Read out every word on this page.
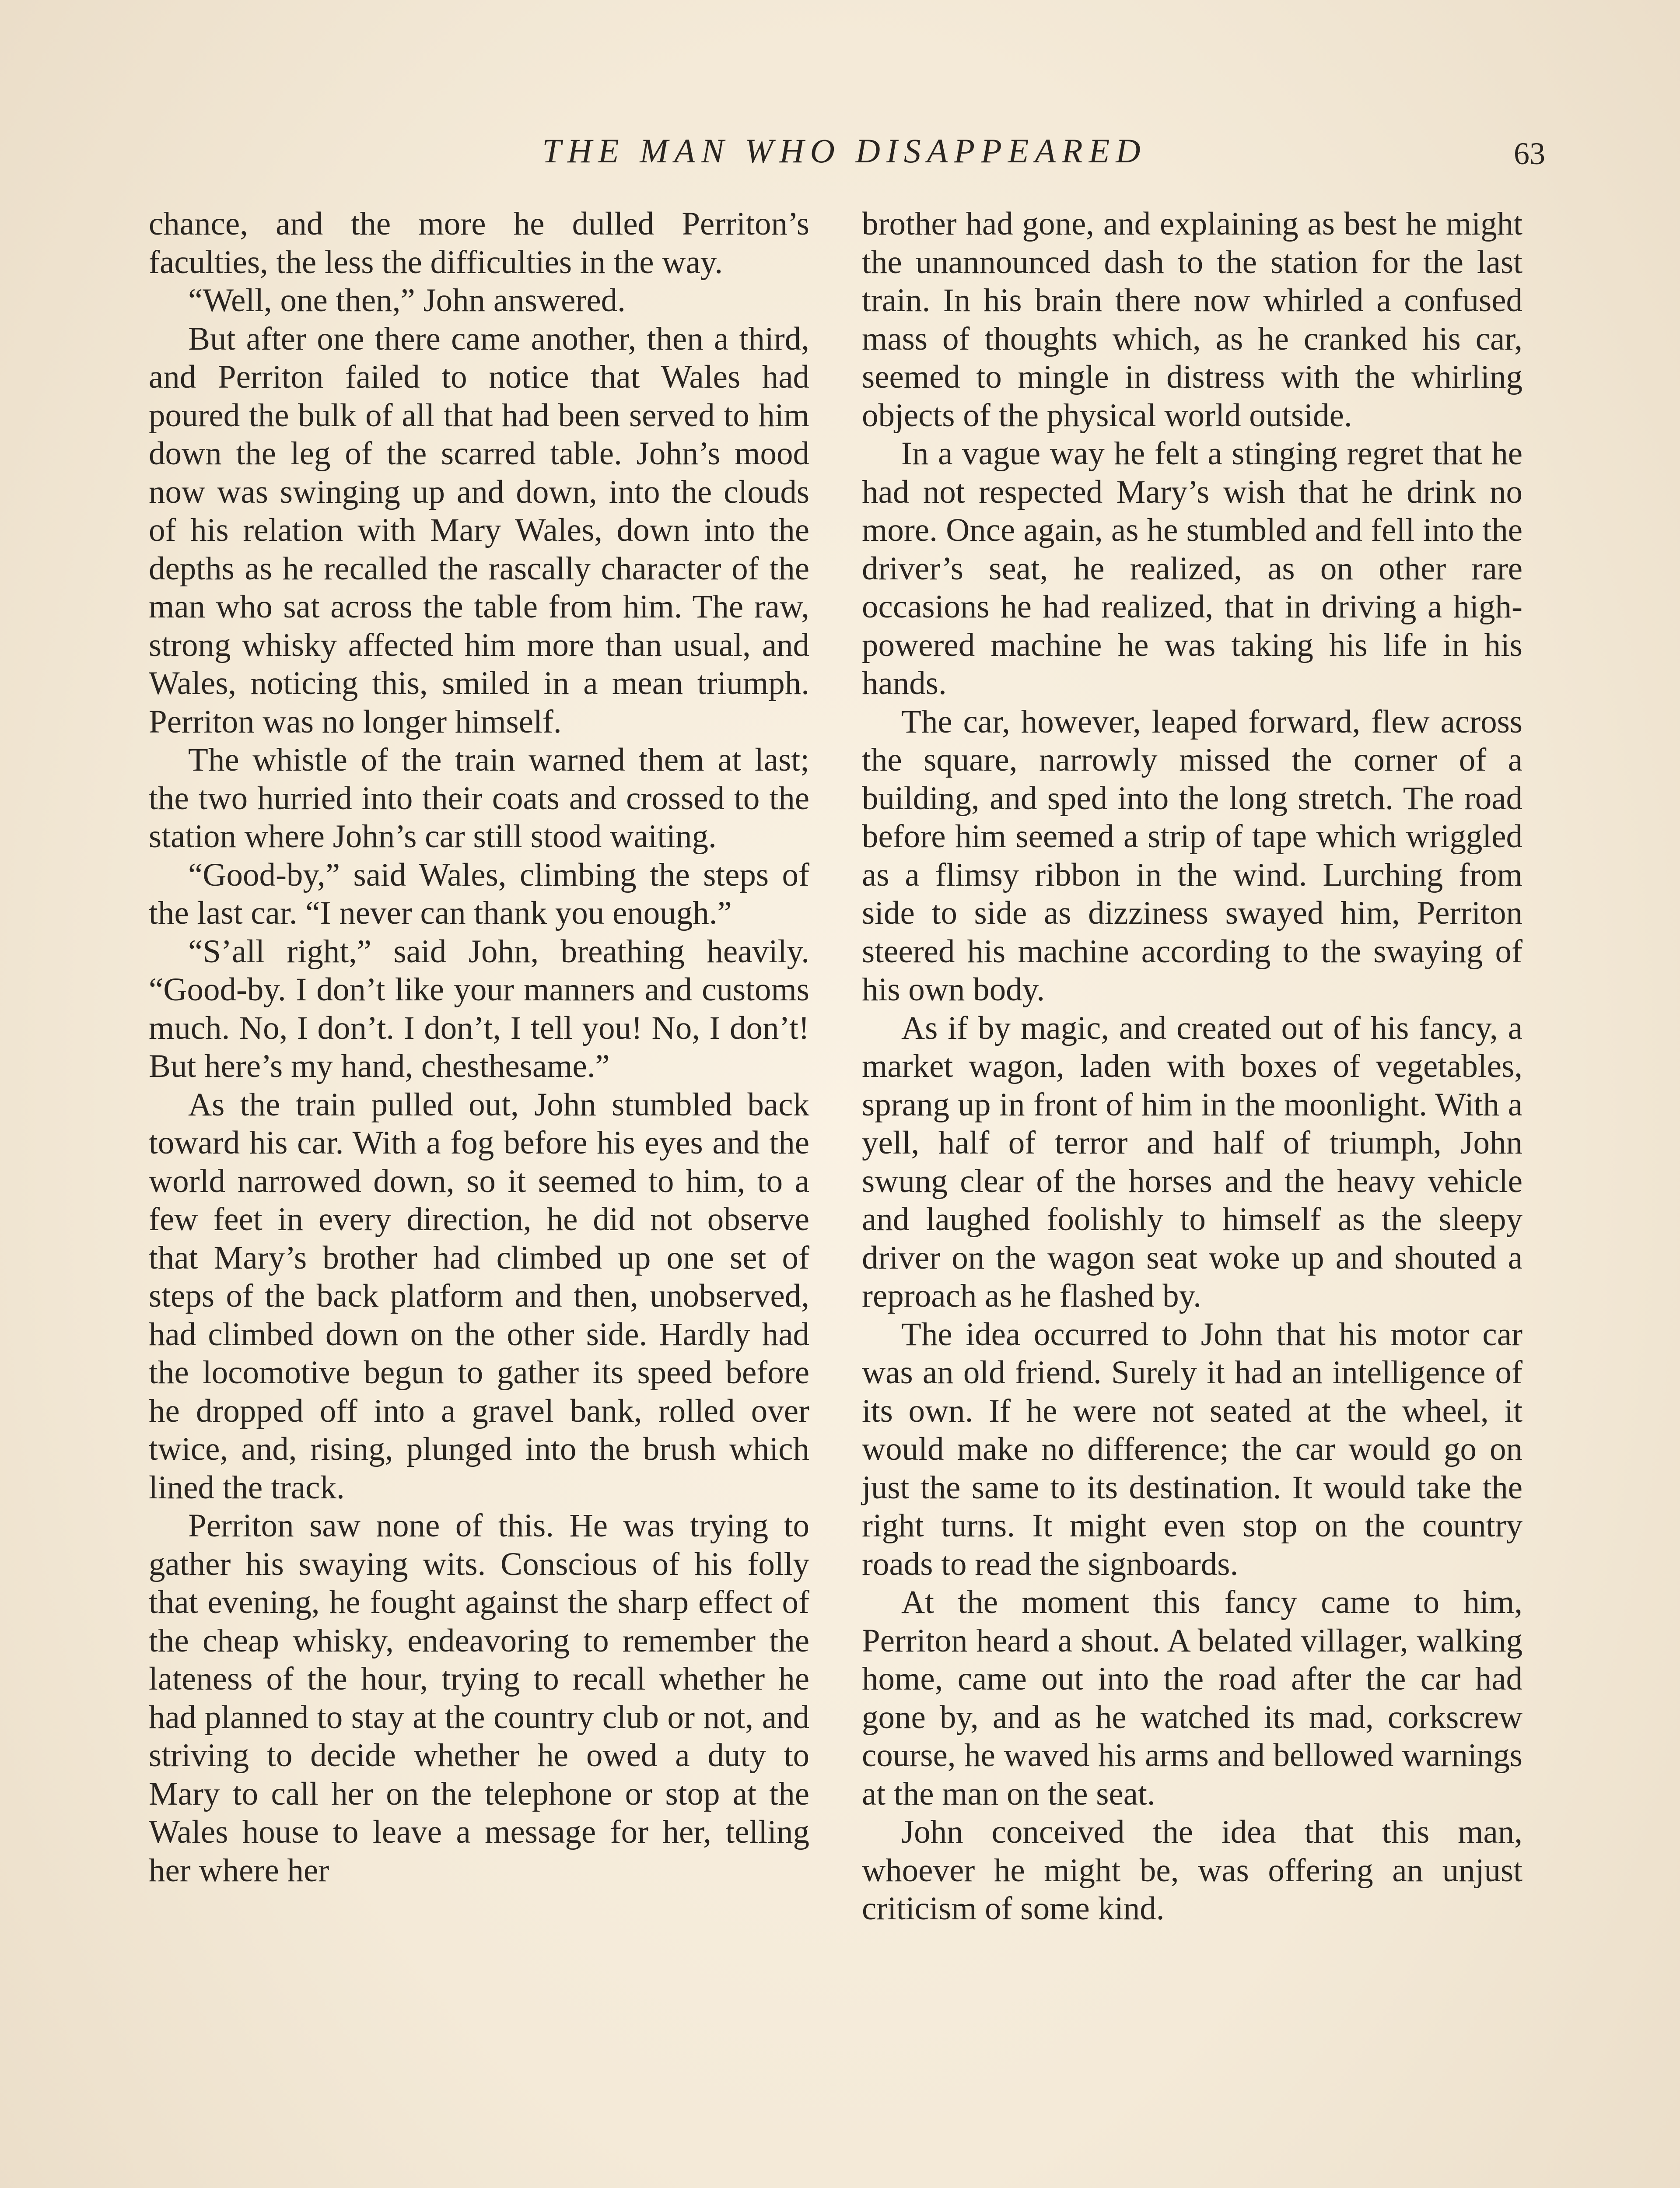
THE MAN WHO DISAPPEARED	63

chance, and the more he dulled Perriton’s faculties, the less the difficulties in the way.

“Well, one then,” John answered.

But after one there came another, then a third, and Perriton failed to notice that Wales had poured the bulk of all that had been served to him down the leg of the scarred table. John’s mood now was swinging up and down, into the clouds of his relation with Mary Wales, down into the depths as he recalled the rascally character of the man who sat across the table from him. The raw, strong whisky affected him more than usual, and Wales, noticing this, smiled in a mean triumph. Perriton was no longer himself.

The whistle of the train warned them at last; the two hurried into their coats and crossed to the station where John’s car still stood waiting.

“Good-by,” said Wales, climbing the steps of the last car. “I never can thank you enough.”

“S’all right,” said John, breathing heavily. “Good-by. I don’t like your manners and customs much. No, I don’t. I don’t, I tell you! No, I don’t! But here’s my hand, chesthesame.”

As the train pulled out, John stumbled back toward his car. With a fog before his eyes and the world narrowed down, so it seemed to him, to a few feet in every direction, he did not observe that Mary’s brother had climbed up one set of steps of the back platform and then, unobserved, had climbed down on the other side. Hardly had the locomotive begun to gather its speed before he dropped off into a gravel bank, rolled over twice, and, rising, plunged into the brush which lined the track.

Perriton saw none of this. He was trying to gather his swaying wits. Conscious of his folly that evening, he fought against the sharp effect of the cheap whisky, endeavoring to remember the lateness of the hour, trying to recall whether he had planned to stay at the country club or not, and striving to decide whether he owed a duty to Mary to call her on the telephone or stop at the Wales house to leave a message for her, telling her where her

brother had gone, and explaining as best he might the unannounced dash to the station for the last train. In his brain there now whirled a confused mass of thoughts which, as he cranked his car, seemed to mingle in distress with the whirling objects of the physical world outside.

In a vague way he felt a stinging regret that he had not respected Mary’s wish that he drink no more. Once again, as he stumbled and fell into the driver’s seat, he realized, as on other rare occasions he had realized, that in driving a high-powered machine he was taking his life in his hands.

The car, however, leaped forward, flew across the square, narrowly missed the corner of a building, and sped into the long stretch. The road before him seemed a strip of tape which wriggled as a flimsy ribbon in the wind. Lurching from side to side as dizziness swayed him, Perriton steered his machine according to the swaying of his own body.

As if by magic, and created out of his fancy, a market wagon, laden with boxes of vegetables, sprang up in front of him in the moonlight. With a yell, half of terror and half of triumph, John swung clear of the horses and the heavy vehicle and laughed foolishly to himself as the sleepy driver on the wagon seat woke up and shouted a reproach as he flashed by.

The idea occurred to John that his motor car was an old friend. Surely it had an intelligence of its own. If he were not seated at the wheel, it would make no difference; the car would go on just the same to its destination. It would take the right turns. It might even stop on the country roads to read the signboards.

At the moment this fancy came to him, Perriton heard a shout. A belated villager, walking home, came out into the road after the car had gone by, and as he watched its mad, corkscrew course, he waved his arms and bellowed warnings at the man on the seat.

John conceived the idea that this man, whoever he might be, was offering an unjust criticism of some kind.
